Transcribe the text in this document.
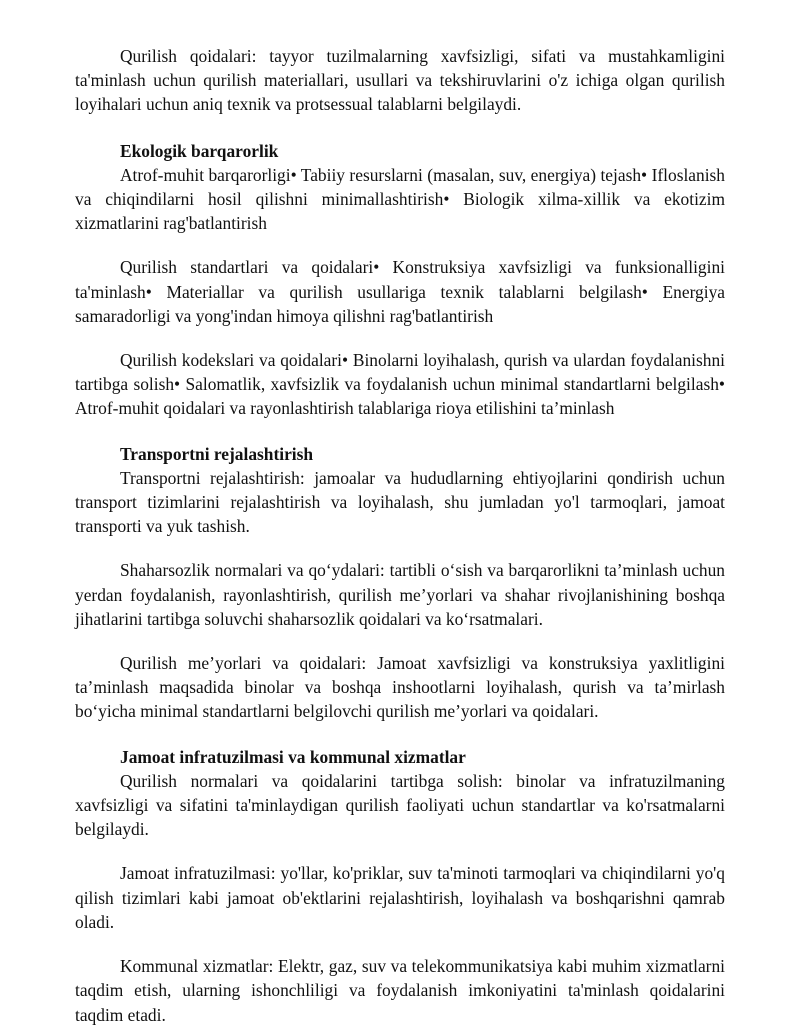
Qurilish qoidalari: tayyor tuzilmalarning xavfsizligi, sifati va mustahkamligini ta'minlash uchun qurilish materiallari, usullari va tekshiruvlarini o'z ichiga olgan qurilish loyihalari uchun aniq texnik va protsessual talablarni belgilaydi.

Ekologik barqarorlik

Atrof-muhit barqarorligi• Tabiiy resurslarni (masalan, suv, energiya) tejash• Ifloslanish va chiqindilarni hosil qilishni minimallashtirish• Biologik xilma-xillik va ekotizim xizmatlarini rag'batlantirish

Qurilish standartlari va qoidalari• Konstruksiya xavfsizligi va funksionalligini ta'minlash• Materiallar va qurilish usullariga texnik talablarni belgilash• Energiya samaradorligi va yong'indan himoya qilishni rag'batlantirish

Qurilish kodekslari va qoidalari• Binolarni loyihalash, qurish va ulardan foydalanishni tartibga solish• Salomatlik, xavfsizlik va foydalanish uchun minimal standartlarni belgilash• Atrof-muhit qoidalari va rayonlashtirish talablariga rioya etilishini ta’minlash

Transportni rejalashtirish

Transportni rejalashtirish: jamoalar va hududlarning ehtiyojlarini qondirish uchun transport tizimlarini rejalashtirish va loyihalash, shu jumladan yo'l tarmoqlari, jamoat transporti va yuk tashish.

Shaharsozlik normalari va qo‘ydalari: tartibli o‘sish va barqarorlikni ta’minlash uchun yerdan foydalanish, rayonlashtirish, qurilish me’yorlari va shahar rivojlanishining boshqa jihatlarini tartibga soluvchi shaharsozlik qoidalari va ko‘rsatmalari.

Qurilish me’yorlari va qoidalari: Jamoat xavfsizligi va konstruksiya yaxlitligini ta’minlash maqsadida binolar va boshqa inshootlarni loyihalash, qurish va ta’mirlash bo‘yicha minimal standartlarni belgilovchi qurilish me’yorlari va qoidalari.

Jamoat infratuzilmasi va kommunal xizmatlar

Qurilish normalari va qoidalarini tartibga solish: binolar va infratuzilmaning xavfsizligi va sifatini ta'minlaydigan qurilish faoliyati uchun standartlar va ko'rsatmalarni belgilaydi.

Jamoat infratuzilmasi: yo'llar, ko'priklar, suv ta'minoti tarmoqlari va chiqindilarni yo'q qilish tizimlari kabi jamoat ob'ektlarini rejalashtirish, loyihalash va boshqarishni qamrab oladi.

Kommunal xizmatlar: Elektr, gaz, suv va telekommunikatsiya kabi muhim xizmatlarni taqdim etish, ularning ishonchliligi va foydalanish imkoniyatini ta'minlash qoidalarini taqdim etadi.
